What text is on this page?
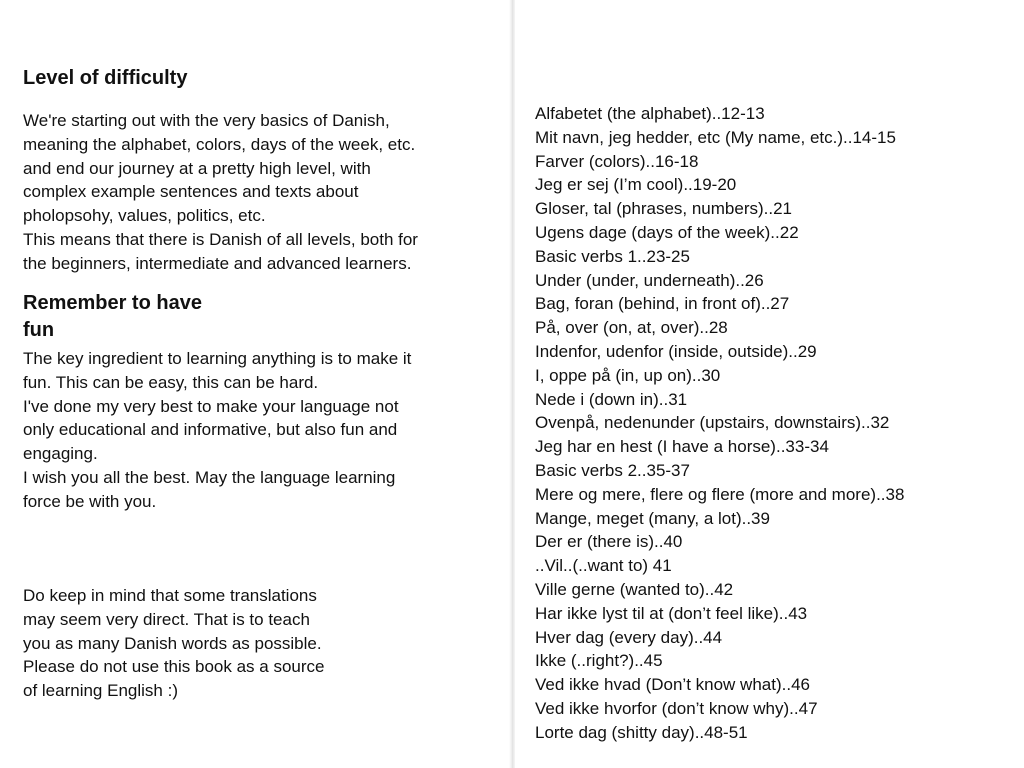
Level of difficulty

We're starting out with the very basics of Danish,
meaning the alphabet, colors, days of the week, etc.
and end our journey at a pretty high level, with
complex example sentences and texts about
pholopsohy, values, politics, etc.
This means that there is Danish of all levels, both for
the beginners, intermediate and advanced learners.

Remember to have
fun

The key ingredient to learning anything is to make it
fun. This can be easy, this can be hard.
I've done my very best to make your language not
only educational and informative, but also fun and
engaging.
I wish you all the best. May the language learning
force be with you.

Do keep in mind that some translations
may seem very direct. That is to teach
you as many Danish words as possible.
Please do not use this book as a source
of learning English :)

Alfabetet (the alphabet)..12-13
Mit navn, jeg hedder, etc (My name, etc.)..14-15
Farver (colors)..16-18
Jeg er sej (I’m cool)..19-20
Gloser, tal (phrases, numbers)..21
Ugens dage (days of the week)..22
Basic verbs 1..23-25
Under (under, underneath)..26
Bag, foran (behind, in front of)..27
På, over (on, at, over)..28
Indenfor, udenfor (inside, outside)..29
I, oppe på (in, up on)..30
Nede i (down in)..31
Ovenpå, nedenunder (upstairs, downstairs)..32
Jeg har en hest (I have a horse)..33-34
Basic verbs 2..35-37
Mere og mere, flere og flere (more and more)..38
Mange, meget (many, a lot)..39
Der er (there is)..40
..Vil..(..want to) 41
Ville gerne (wanted to)..42
Har ikke lyst til at (don’t feel like)..43
Hver dag (every day)..44
Ikke (..right?)..45
Ved ikke hvad (Don’t know what)..46
Ved ikke hvorfor (don’t know why)..47
Lorte dag (shitty day)..48-51
